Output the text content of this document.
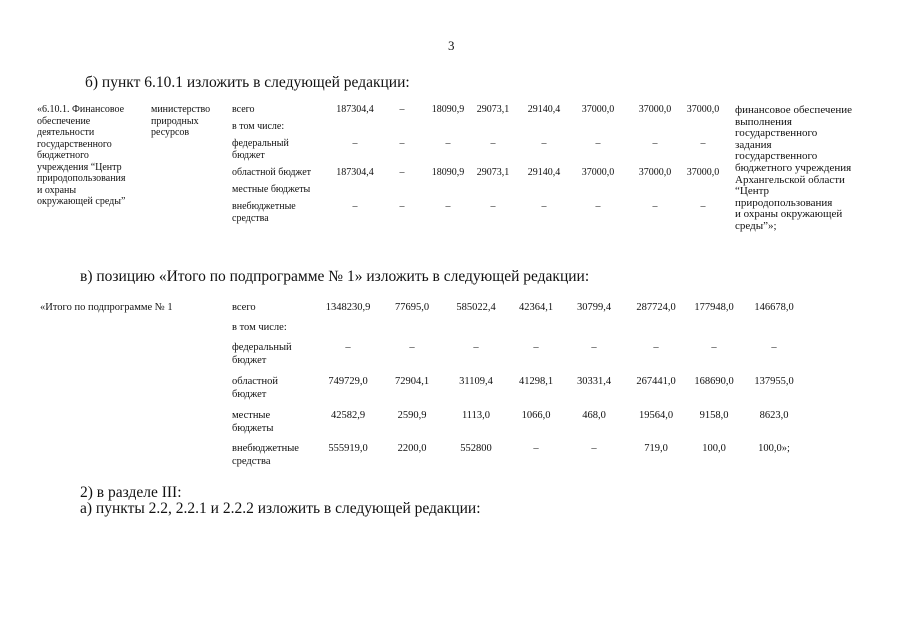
3
б) пункт 6.10.1 изложить в следующей редакции:
«6.10.1. Финансовое
обеспечение
деятельности
государственного
бюджетного
учреждения “Центр
природопользования
и охраны
окружающей среды”
министерство
природных
ресурсов
всего	187304,4	–	18090,9 29073,1 29140,4 37000,0 37000,0 37000,0
в том числе:
федеральный
бюджет
–	–	–	–	–	–	–	–
областной бюджет	187304,4	–	18090,9 29073,1 29140,4 37000,0 37000,0 37000,0
местные бюджеты
внебюджетные
средства
–	–	–	–	–	–	–	–
финансовое обеспечение
выполнения
государственного
задания
государственного
бюджетного учреждения
Архангельской области
“Центр
природопользования
и охраны окружающей
среды”»;
в) позицию «Итого по подпрограмме № 1» изложить в следующей редакции:
«Итого по подпрограмме № 1	всего	1348230,9 77695,0	585022,4 42364,1 30799,4 287724,0 177948,0 146678,0
в том числе:
федеральный
бюджет
–	–	–	–	–	–	–	–
областной
бюджет
749729,0	72904,1	31109,4 41298,1 30331,4 267441,0 168690,0 137955,0
местные
бюджеты
42582,9	2590,9	1113,0	1066,0	468,0	19564,0	9158,0	8623,0
внебюджетные
средства
555919,0	2200,0	552800	–	–	719,0	100,0	100,0»;
2) в разделе III:
а) пункты 2.2, 2.2.1 и 2.2.2 изложить в следующей редакции:
